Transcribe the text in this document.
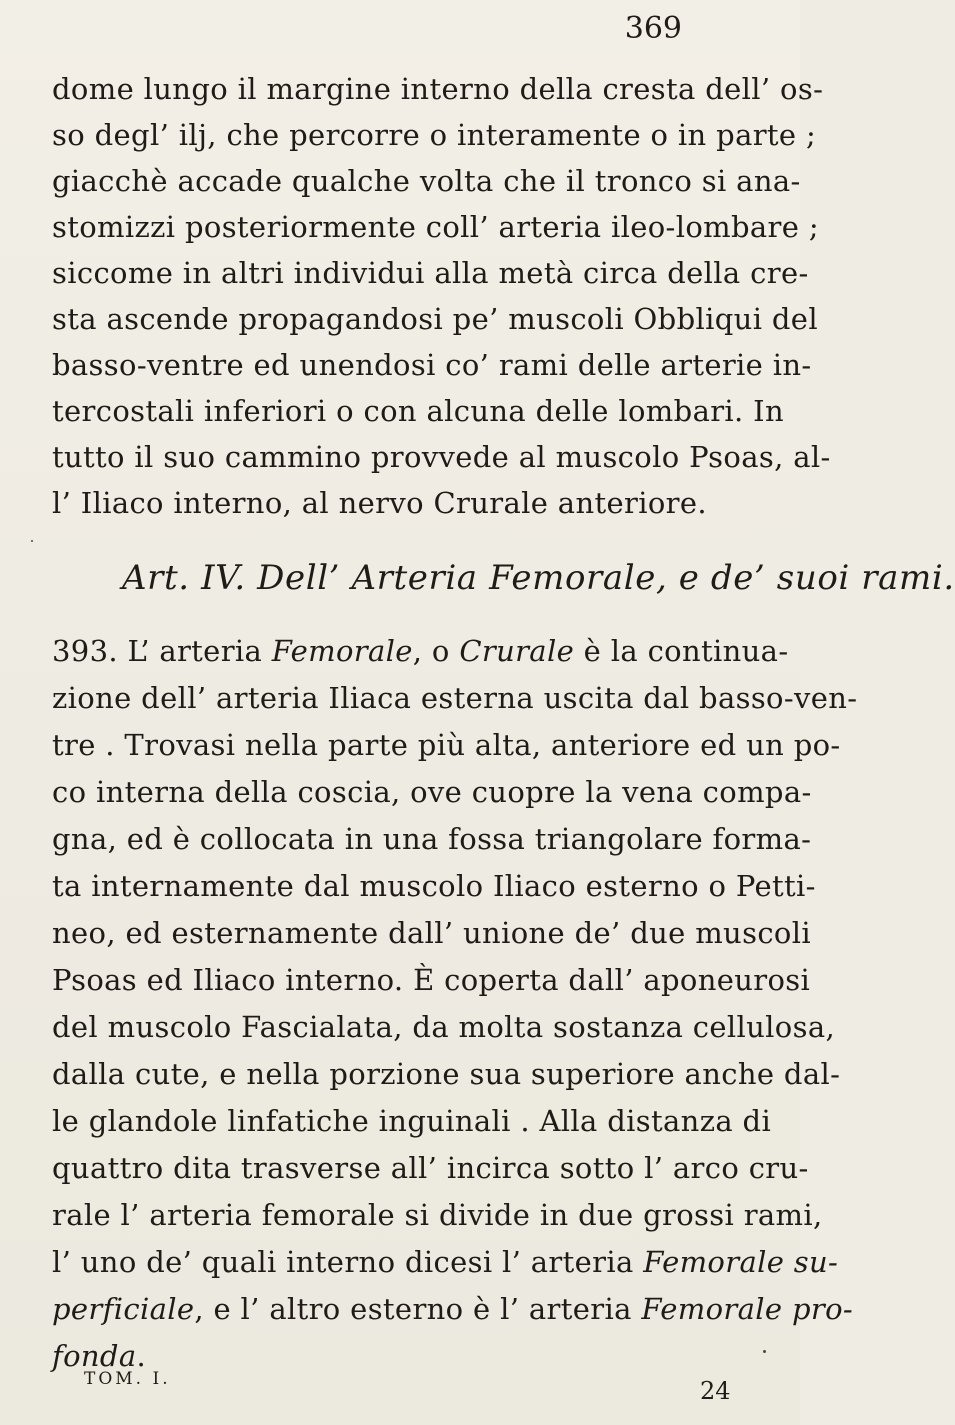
369

dome lungo il margine interno della cresta dell’ os-

so degl’ ilj, che percorre o interamente o in parte ;

giacchè accade qualche volta che il tronco si ana-

stomizzi posteriormente coll’ arteria ileo-lombare ;

siccome in altri individui alla metà circa della cre-

sta ascende propagandosi pe’ muscoli Obbliqui del

basso-ventre ed unendosi co’ rami delle arterie in-

tercostali inferiori o con alcuna delle lombari. In

tutto il suo cammino provvede al muscolo Psoas, al-

l’ Iliaco interno, al nervo Crurale anteriore.

Art. IV. Dell’ Arteria Femorale, e de’ suoi rami.

393. L’ arteria Femorale, o Crurale è la continua-

zione dell’ arteria Iliaca esterna uscita dal basso-ven-

tre . Trovasi nella parte più alta, anteriore ed un po-

co interna della coscia, ove cuopre la vena compa-

gna, ed è collocata in una fossa triangolare forma-

ta internamente dal muscolo Iliaco esterno o Petti-

neo, ed esternamente dall’ unione de’ due muscoli

Psoas ed Iliaco interno. È coperta dall’ aponeurosi

del muscolo Fascialata, da molta sostanza cellulosa,

dalla cute, e nella porzione sua superiore anche dal-

le glandole linfatiche inguinali . Alla distanza di

quattro dita trasverse all’ incirca sotto l’ arco cru-

rale l’ arteria femorale si divide in due grossi rami,

l’ uno de’ quali interno dicesi l’ arteria Femorale su-

perficiale, e l’ altro esterno è l’ arteria Femorale pro-

fonda.

TOM. I.	24
